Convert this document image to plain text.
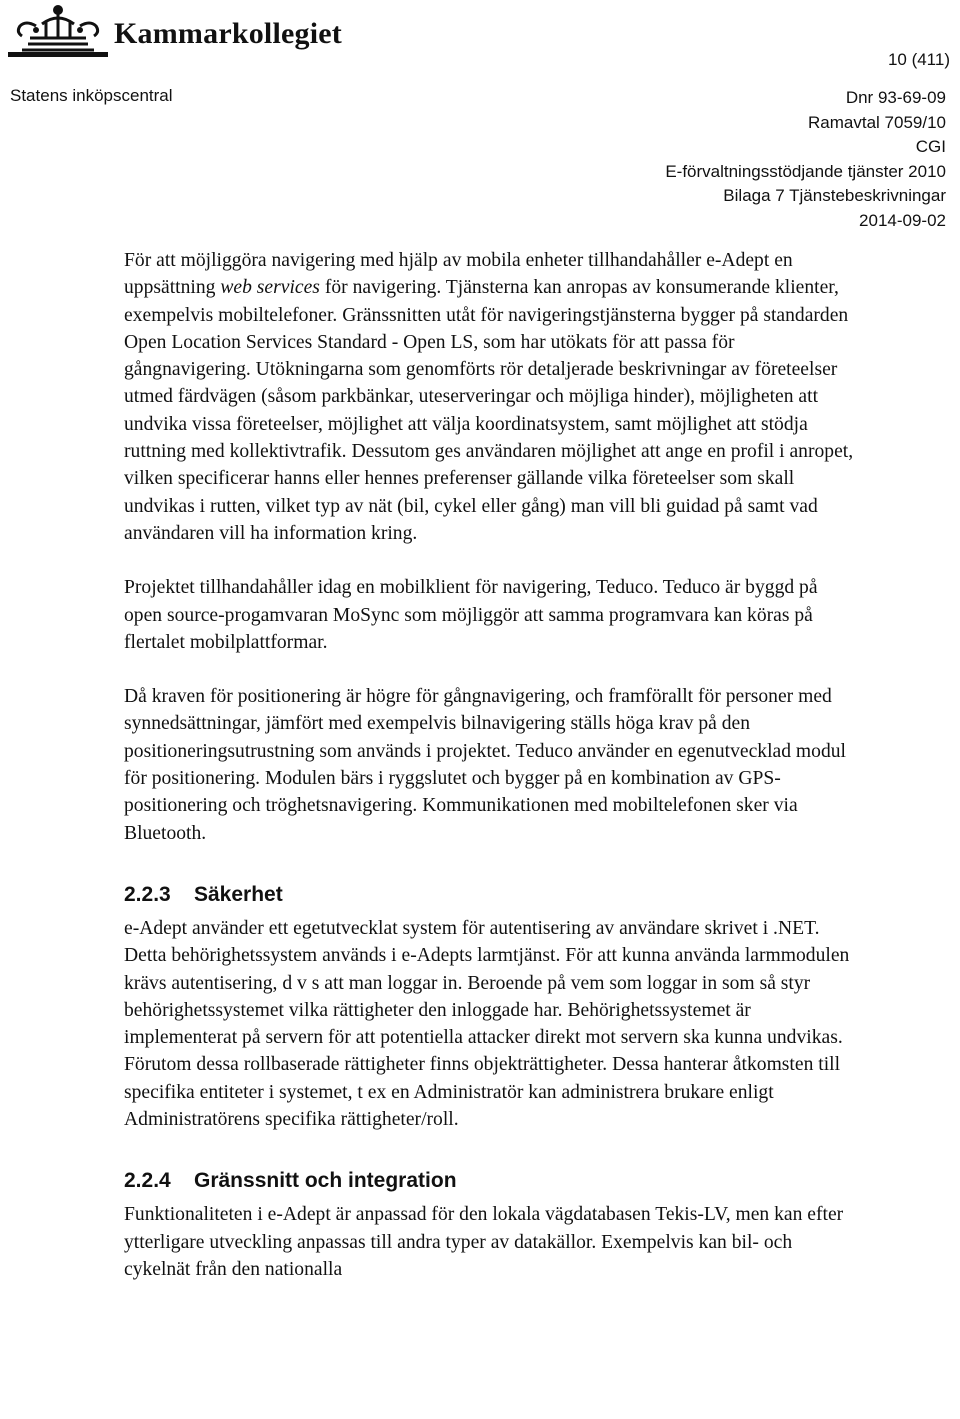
Kammarkollegiet
10 (411)
Statens inköpscentral	Dnr 93-69-09
Ramavtal 7059/10
CGI
E-förvaltningsstödjande tjänster 2010
Bilaga 7 Tjänstebeskrivningar
2014-09-02

För att möjliggöra navigering med hjälp av mobila enheter tillhandahåller e-Adept en uppsättning web services för navigering. Tjänsterna kan anropas av konsumerande klienter, exempelvis mobiltelefoner. Gränssnitten utåt för navigeringstjänsterna bygger på standarden Open Location Services Standard - Open LS, som har utökats för att passa för gångnavigering. Utökningarna som genomförts rör detaljerade beskrivningar av företeelser utmed färdvägen (såsom parkbänkar, uteserveringar och möjliga hinder), möjligheten att undvika vissa företeelser, möjlighet att välja koordinatsystem, samt möjlighet att stödja ruttning med kollektivtrafik. Dessutom ges användaren möjlighet att ange en profil i anropet, vilken specificerar hanns eller hennes preferenser gällande vilka företeelser som skall undvikas i rutten, vilket typ av nät (bil, cykel eller gång) man vill bli guidad på samt vad användaren vill ha information kring.

Projektet tillhandahåller idag en mobilklient för navigering, Teduco. Teduco är byggd på open source-progamvaran MoSync som möjliggör att samma programvara kan köras på flertalet mobilplattformar.

Då kraven för positionering är högre för gångnavigering, och framförallt för personer med synnedsättningar, jämfört med exempelvis bilnavigering ställs höga krav på den positioneringsutrustning som används i projektet. Teduco använder en egenutvecklad modul för positionering. Modulen bärs i ryggslutet och bygger på en kombination av GPS-positionering och tröghetsnavigering. Kommunikationen med mobiltelefonen sker via Bluetooth.

2.2.3 Säkerhet

e-Adept använder ett egetutvecklat system för autentisering av användare skrivet i .NET. Detta behörighetssystem används i e-Adepts larmtjänst. För att kunna använda larmmodulen krävs autentisering, d v s att man loggar in. Beroende på vem som loggar in som så styr behörighetssystemet vilka rättigheter den inloggade har. Behörighetssystemet är implementerat på servern för att potentiella attacker direkt mot servern ska kunna undvikas. Förutom dessa rollbaserade rättigheter finns objekträttigheter. Dessa hanterar åtkomsten till specifika entiteter i systemet, t ex en Administratör kan administrera brukare enligt Administratörens specifika rättigheter/roll.

2.2.4 Gränssnitt och integration

Funktionaliteten i e-Adept är anpassad för den lokala vägdatabasen Tekis-LV, men kan efter ytterligare utveckling anpassas till andra typer av datakällor. Exempelvis kan bil- och cykelnät från den nationalla
